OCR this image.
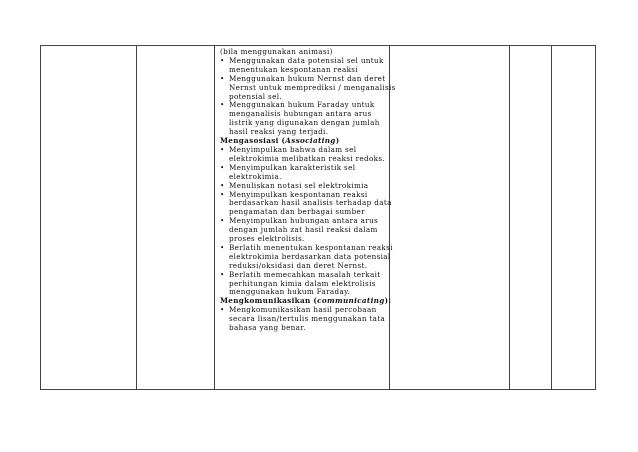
(bila menggunakan animasi)
• Menggunakan data potensial sel untuk
menentukan kespontanan reaksi
• Menggunakan hukum Nernst dan deret
Nernst untuk memprediksi / menganalisis
potensial sel.
• Menggunakan hukum Faraday untuk
menganalisis hubungan antara arus
listrik yang digunakan dengan jumlah
hasil reaksi yang terjadi.
Mengasosiasi (Associating)
• Menyimpulkan bahwa dalam sel
elektrokimia melibatkan reaksi redoks.
• Menyimpulkan karakteristik sel
elektrokimia.
• Menuliskan notasi sel elektrokimia
• Menyimpulkan kespontanan reaksi
berdasarkan hasil analisis terhadap data
pengamatan dan berbagai sumber
• Menyimpulkan hubungan antara arus
dengan jumlah zat hasil reaksi dalam
proses elektrolisis.
• Berlatih menentukan kespontanan reaksi
elektrokimia berdasarkan data potensial
reduksi/oksidasi dan deret Nernst.
• Berlatih memecahkan masalah terkait
perhitungan kimia dalam elektrolisis
menggunakan hukum Faraday.
Mengkomunikasikan (communicating):
• Mengkomunikasikan hasil percobaan
secara lisan/tertulis menggunakan tata
bahasa yang benar.
